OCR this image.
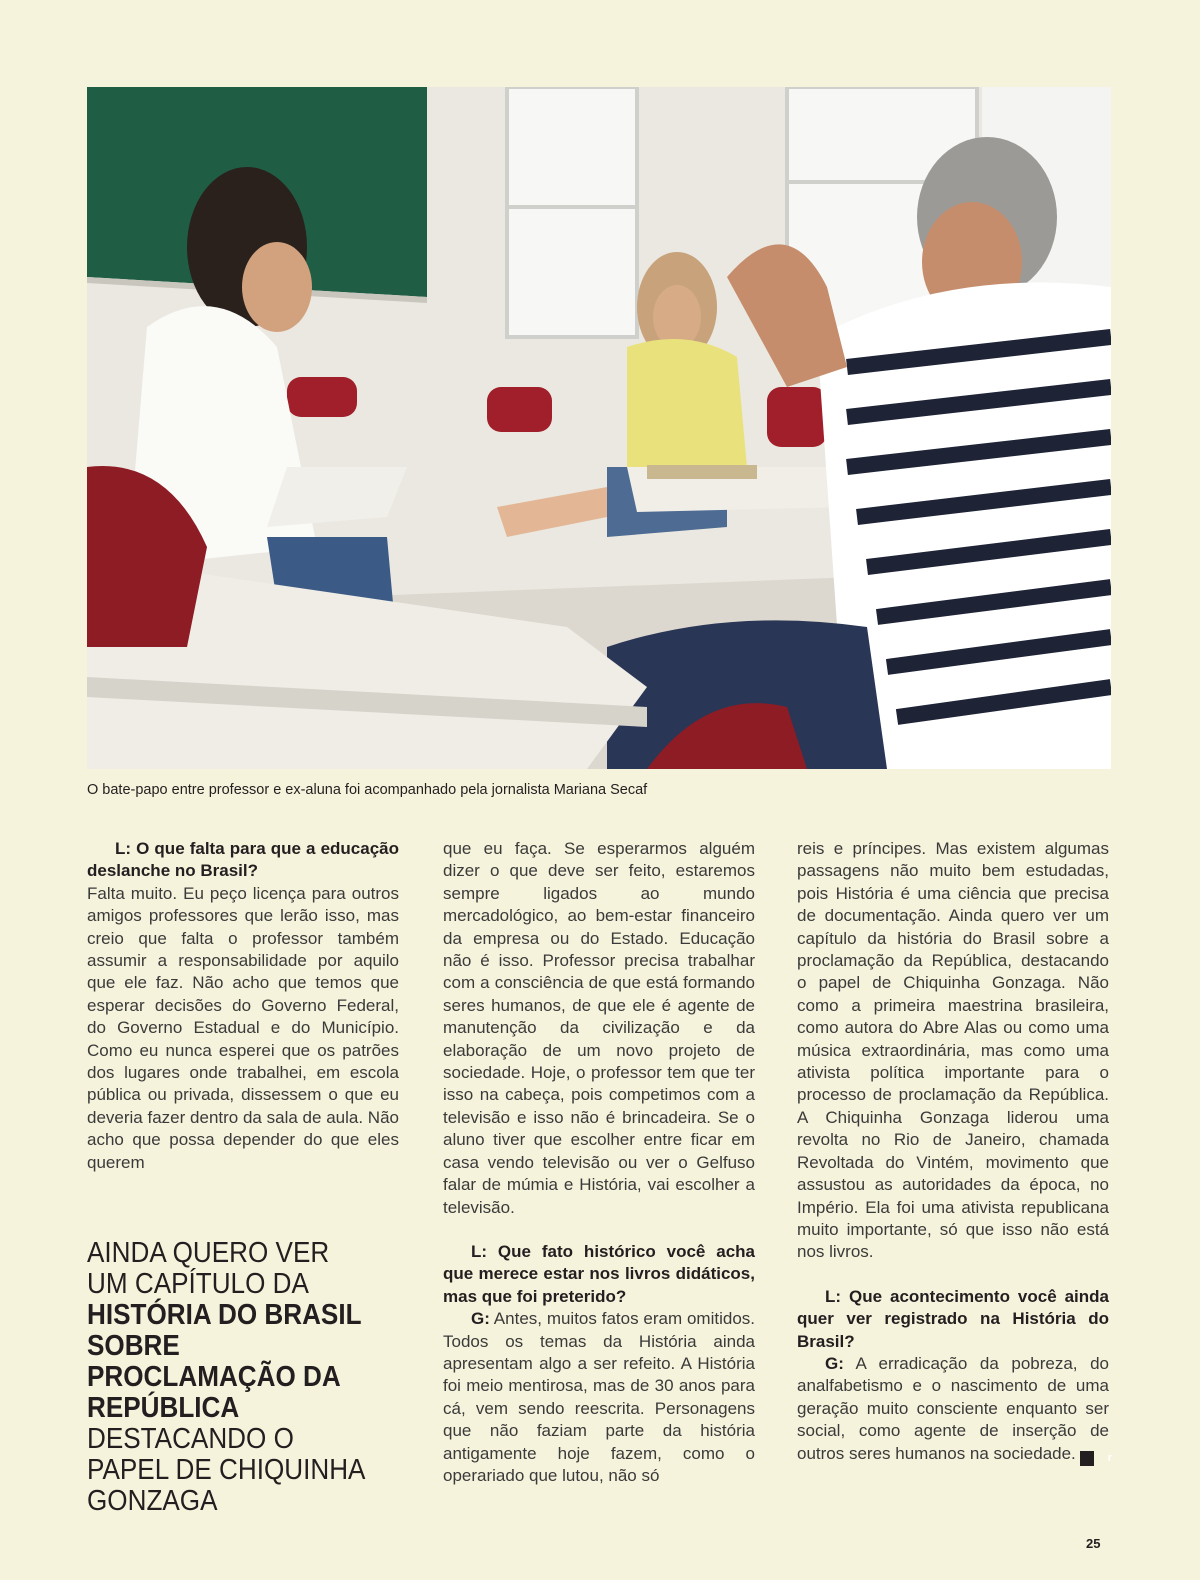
O bate-papo entre professor e ex-aluna foi acompanhado pela jornalista Mariana Secaf

L: O que falta para que a educação deslanche no Brasil?

Falta muito. Eu peço licença para outros amigos professores que lerão isso, mas creio que falta o professor também assumir a responsabilidade por aquilo que ele faz. Não acho que temos que esperar decisões do Governo Federal, do Governo Estadual e do Município. Como eu nunca esperei que os patrões dos lugares onde trabalhei, em escola pública ou privada, dissessem o que eu deveria fazer dentro da sala de aula. Não acho que possa depender do que eles querem

AINDA QUERO VER UM CAPÍTULO DA HISTÓRIA DO BRASIL SOBRE PROCLAMAÇÃO DA REPÚBLICA DESTACANDO O PAPEL DE CHIQUINHA GONZAGA

que eu faça. Se esperarmos alguém dizer o que deve ser feito, estaremos sempre ligados ao mundo mercadológico, ao bem-estar financeiro da empresa ou do Estado. Educação não é isso. Professor precisa trabalhar com a consciência de que está formando seres humanos, de que ele é agente de manutenção da civilização e da elaboração de um novo projeto de sociedade. Hoje, o professor tem que ter isso na cabeça, pois competimos com a televisão e isso não é brincadeira. Se o aluno tiver que escolher entre ficar em casa vendo televisão ou ver o Gelfuso falar de múmia e História, vai escolher a televisão.

L: Que fato histórico você acha que merece estar nos livros didáticos, mas que foi preterido?

G: Antes, muitos fatos eram omitidos. Todos os temas da História ainda apresentam algo a ser refeito. A História foi meio mentirosa, mas de 30 anos para cá, vem sendo reescrita. Personagens que não faziam parte da história antigamente hoje fazem, como o operariado que lutou, não só

reis e príncipes. Mas existem algumas passagens não muito bem estudadas, pois História é uma ciência que precisa de documentação. Ainda quero ver um capítulo da história do Brasil sobre a proclamação da República, destacando o papel de Chiquinha Gonzaga. Não como a primeira maestrina brasileira, como autora do Abre Alas ou como uma música extraordinária, mas como uma ativista política importante para o processo de proclamação da República. A Chiquinha Gonzaga liderou uma revolta no Rio de Janeiro, chamada Revoltada do Vintém, movimento que assustou as autoridades da época, no Império. Ela foi uma ativista republicana muito importante, só que isso não está nos livros.

L: Que acontecimento você ainda quer ver registrado na História do Brasil?

G: A erradicação da pobreza, do analfabetismo e o nascimento de uma geração muito consciente enquanto ser social, como agente de inserção de outros seres humanos na sociedade.	r

25
